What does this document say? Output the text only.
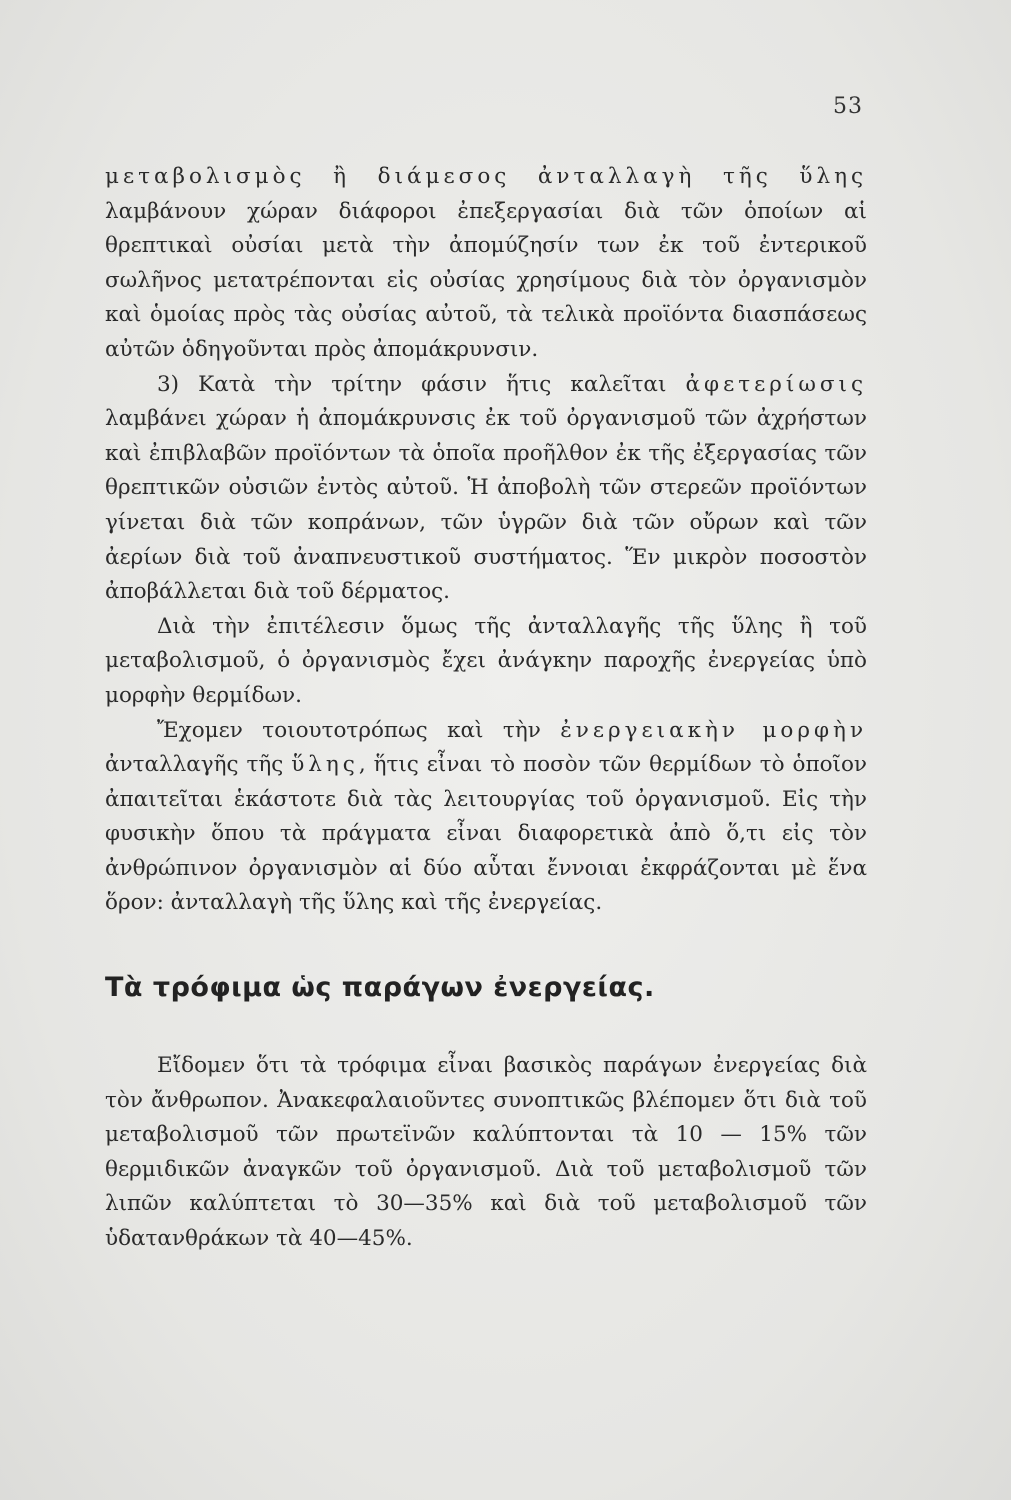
53

μεταβολισμὸς ἢ διάμεσος ἀνταλλαγὴ τῆς ὕλης λαμβάνουν χώραν διάφοροι ἐπεξεργασίαι διὰ τῶν ὁποίων αἱ θρεπτικαὶ οὐσίαι μετὰ τὴν ἀπομύζησίν των ἐκ τοῦ ἐντερικοῦ σωλῆνος μετατρέπονται εἰς οὐσίας χρησίμους διὰ τὸν ὀργανισμὸν καὶ ὁμοίας πρὸς τὰς οὐσίας αὐτοῦ, τὰ τελικὰ προϊόντα διασπάσεως αὐτῶν ὁδηγοῦνται πρὸς ἀπομάκρυνσιν.

3) Κατὰ τὴν τρίτην φάσιν ἥτις καλεῖται ἀφετερίωσις λαμβάνει χώραν ἡ ἀπομάκρυνσις ἐκ τοῦ ὀργανισμοῦ τῶν ἀχρήστων καὶ ἐπιβλαβῶν προϊόντων τὰ ὁποῖα προῆλθον ἐκ τῆς ἐξεργασίας τῶν θρεπτικῶν οὐσιῶν ἐντὸς αὐτοῦ. Ἡ ἀποβολὴ τῶν στερεῶν προϊόντων γίνεται διὰ τῶν κοπράνων, τῶν ὑγρῶν διὰ τῶν οὔρων καὶ τῶν ἀερίων διὰ τοῦ ἀναπνευστικοῦ συστήματος. Ἕν μικρὸν ποσοστὸν ἀποβάλλεται διὰ τοῦ δέρματος.

Διὰ τὴν ἐπιτέλεσιν ὅμως τῆς ἀνταλλαγῆς τῆς ὕλης ἢ τοῦ μεταβολισμοῦ, ὁ ὀργανισμὸς ἔχει ἀνάγκην παροχῆς ἐνεργείας ὑπὸ μορφὴν θερμίδων.

Ἔχομεν τοιουτοτρόπως καὶ τὴν ἐνεργειακὴν μορφὴν ἀνταλλαγῆς τῆς ὕλης, ἥτις εἶναι τὸ ποσὸν τῶν θερμίδων τὸ ὁποῖον ἀπαιτεῖται ἑκάστοτε διὰ τὰς λειτουργίας τοῦ ὀργανισμοῦ. Εἰς τὴν φυσικὴν ὅπου τὰ πράγματα εἶναι διαφορετικὰ ἀπὸ ὅ,τι εἰς τὸν ἀνθρώπινον ὀργανισμὸν αἱ δύο αὗται ἔννοιαι ἐκφράζονται μὲ ἕνα ὅρον: ἀνταλλαγὴ τῆς ὕλης καὶ τῆς ἐνεργείας.

Τὰ τρόφιμα ὡς παράγων ἐνεργείας.

Εἴδομεν ὅτι τὰ τρόφιμα εἶναι βασικὸς παράγων ἐνεργείας διὰ τὸν ἄνθρωπον. Ἀνακεφαλαιοῦντες συνοπτικῶς βλέπομεν ὅτι διὰ τοῦ μεταβολισμοῦ τῶν πρωτεϊνῶν καλύπτονται τὰ 10 — 15% τῶν θερμιδικῶν ἀναγκῶν τοῦ ὀργανισμοῦ. Διὰ τοῦ μεταβολισμοῦ τῶν λιπῶν καλύπτεται τὸ 30—35% καὶ διὰ τοῦ μεταβολισμοῦ τῶν ὑδατανθράκων τὰ 40—45%.
